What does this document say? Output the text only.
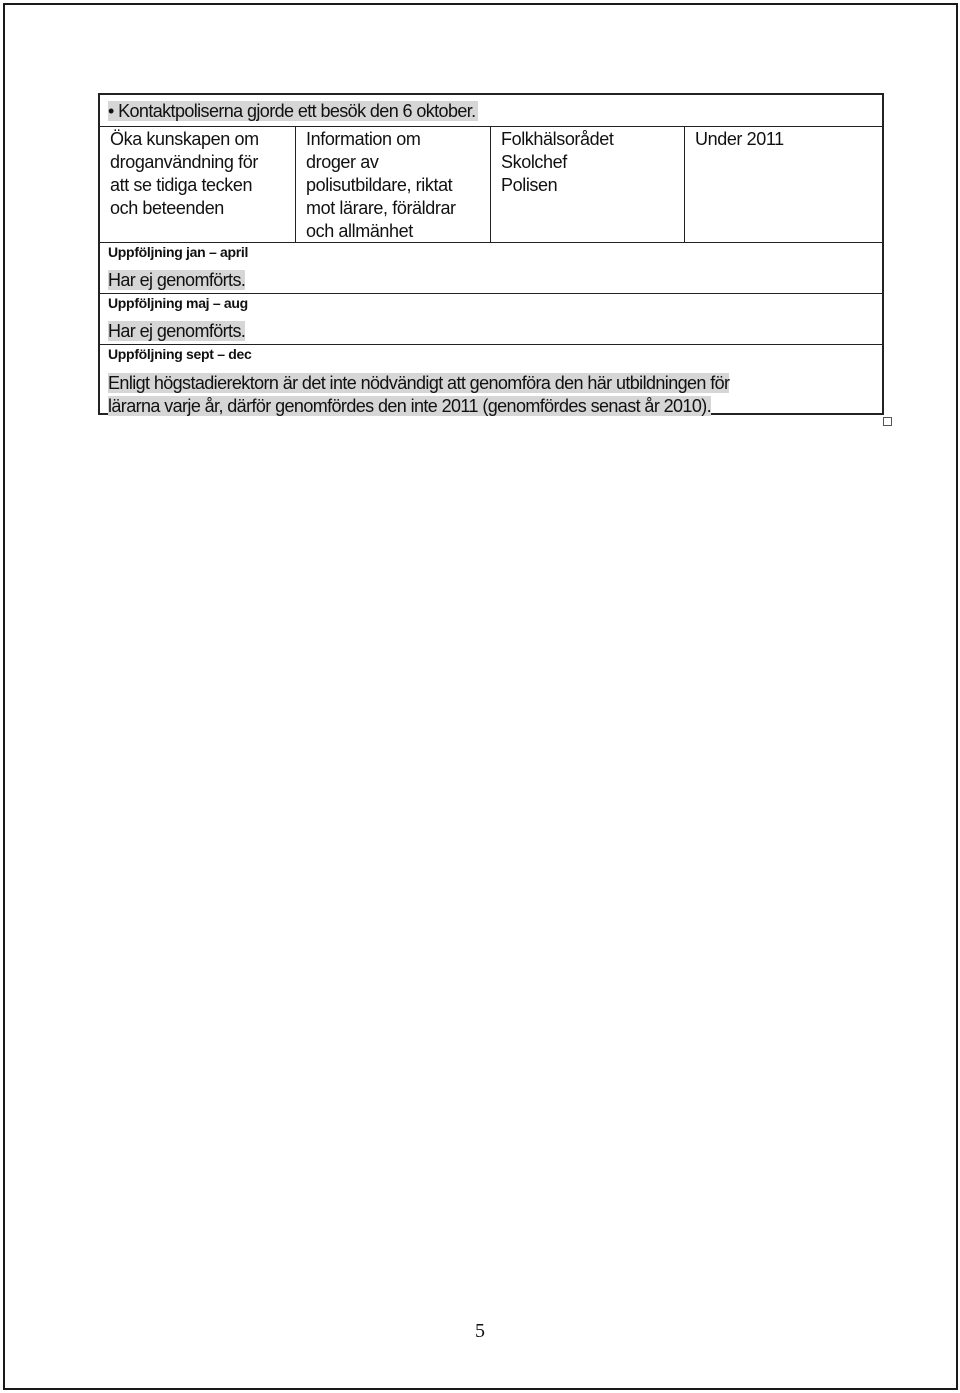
• Kontaktpoliserna gjorde ett besök den 6 oktober.
Öka kunskapen om
droganvändning för
att se tidiga tecken
och beteenden
Information om
droger av
polisutbildare, riktat
mot lärare, föräldrar
och allmänhet
Folkhälsorådet
Skolchef
Polisen
Under 2011
Uppföljning jan – april
Har ej genomförts.
Uppföljning maj – aug
Har ej genomförts.
Uppföljning sept – dec
Enligt högstadierektorn är det inte nödvändigt att genomföra den här utbildningen för
lärarna varje år, därför genomfördes den inte 2011 (genomfördes senast år 2010).
5
